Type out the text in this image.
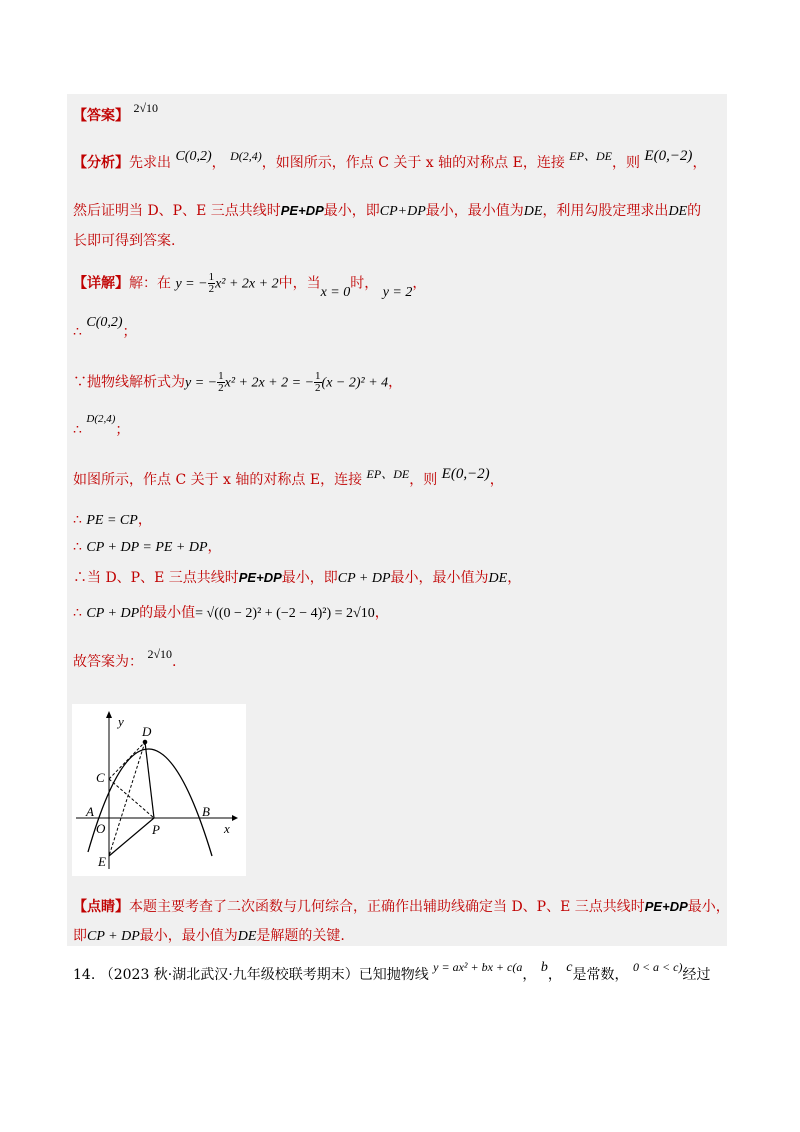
【答案】 2√10
【分析】先求出 C(0,2)， D(2,4)，如图所示，作点 C 关于 x 轴的对称点 E，连接 EP、DE，则 E(0,−2)，
然后证明当 D、P、E 三点共线时PE+DP最小，即CP+DP最小，最小值为DE，利用勾股定理求出DE的
长即可得到答案.
【详解】解：在 y = − $\frac{1}{2} x^2 + 2x + 2$中，当x = 0时， y = 2，
∴ C(0,2)；
∵抛物线解析式为y = − $\frac{1}{2} x^2 + 2x + 2$ = − $\frac{1}{2} (x - 2)^2 + 4$，
∴ $^{D(2,4)}$；
如图所示，作点 C 关于 x 轴的对称点 E，连接 EP、DE，则 E(0,−2)，
∴ PE = CP，
∴ CP + DP = PE + DP，
∴当 D、P、E 三点共线时PE+DP最小，即CP + DP最小，最小值为DE，
∴ CP + DP的最小值= √((0 − 2)² + (−2 − 4)²) = 2√10，
故答案为： 2√10.
y
x
D
C
A
O	P
B
E
【点睛】本题主要考查了二次函数与几何综合，正确作出辅助线确定当 D、P、E 三点共线时PE+DP最小，
即CP + DP最小，最小值为DE是解题的关键.
14. （2023 秋·湖北武汉·九年级校联考期末）已知抛物线 y = ax² + bx + c(a， b， c是常数， 0 < a < c)经过
